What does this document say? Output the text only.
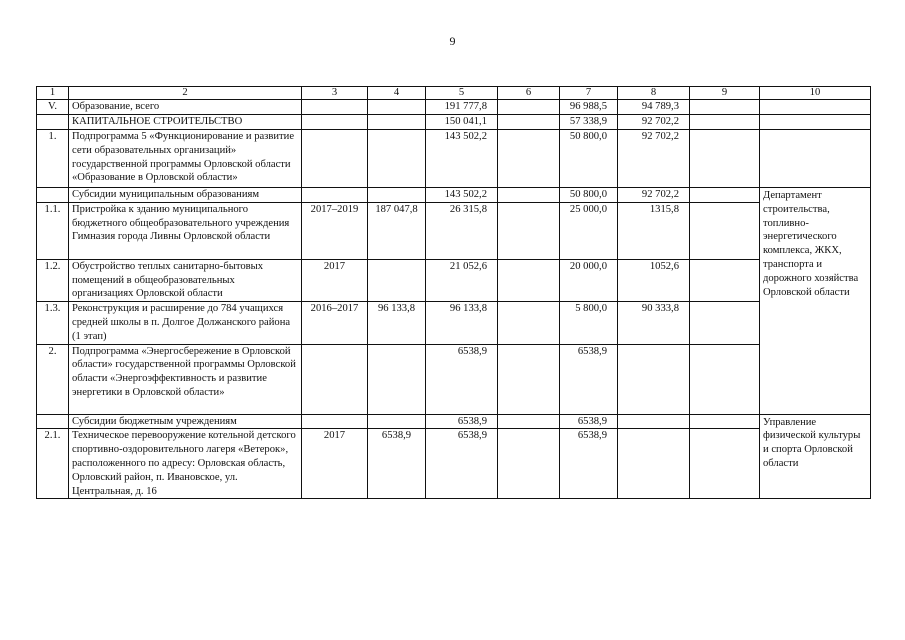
9
1	2	3	4	5	6	7	8	9	10
V.	Образование, всего			191 777,8		96 988,5	94 789,3		
	КАПИТАЛЬНОЕ СТРОИТЕЛЬСТВО			150 041,1		57 338,9	92 702,2		
1.	Подпрограмма 5 «Функционирование и развитие сети образовательных организаций» государственной программы Орловской области «Образование в Орловской области»			143 502,2		50 800,0	92 702,2		
	Субсидии муниципальным образованиям			143 502,2		50 800,0	92 702,2		Департамент строительства, топливно-энергетического комплекса, ЖКХ, транспорта и дорожного хозяйства Орловской области
1.1.	Пристройка к зданию муниципального бюджетного общеобразовательного учреждения Гимназия города Ливны Орловской области	2017–2019	187 047,8	26 315,8		25 000,0	1315,8		
1.2.	Обустройство теплых санитарно-бытовых помещений в общеобразовательных организациях Орловской области	2017		21 052,6		20 000,0	1052,6		
1.3.	Реконструкция и расширение до 784 учащихся средней школы в п. Долгое Должанского района (1 этап)	2016–2017	96 133,8	96 133,8		5 800,0	90 333,8		
2.	Подпрограмма «Энергосбережение в Орловской области» государственной программы Орловской области «Энергоэффективность и развитие энергетики в Орловской области»			6538,9		6538,9			
	Субсидии бюджетным учреждениям			6538,9		6538,9			Управление физической культуры и спорта Орловской области
2.1.	Техническое перевооружение котельной детского спортивно-оздоровительного лагеря «Ветерок», расположенного по адресу: Орловская область, Орловский район, п. Ивановское, ул. Центральная, д. 16	2017	6538,9	6538,9		6538,9			
